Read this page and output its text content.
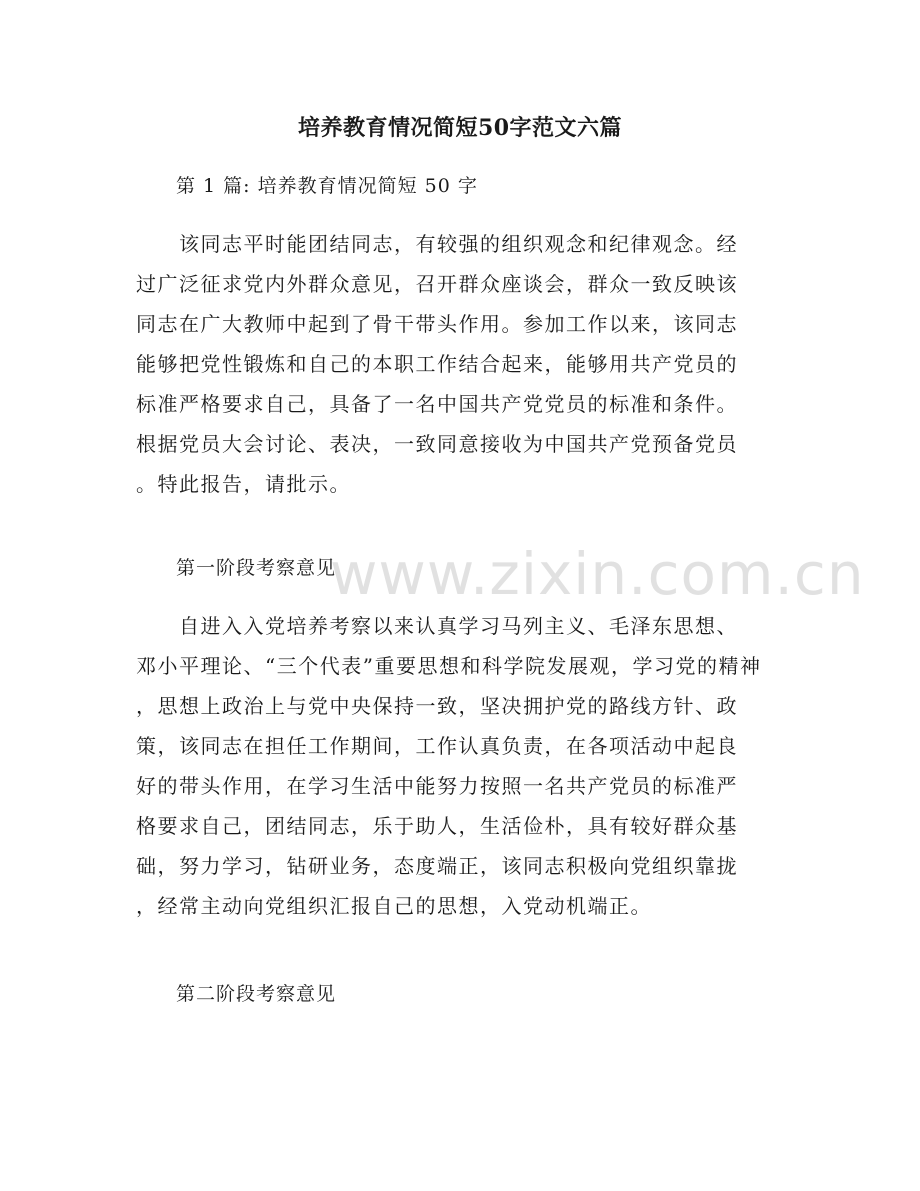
培养教育情况简短50字范文六篇
第 1 篇: 培养教育情况简短 50 字
　　该同志平时能团结同志，有较强的组织观念和纪律观念。经
过广泛征求党内外群众意见，召开群众座谈会，群众一致反映该
同志在广大教师中起到了骨干带头作用。参加工作以来，该同志
能够把党性锻炼和自己的本职工作结合起来，能够用共产党员的
标准严格要求自己，具备了一名中国共产党党员的标准和条件。
根据党员大会讨论、表决，一致同意接收为中国共产党预备党员
。特此报告，请批示。
第一阶段考察意见
　　自进入入党培养考察以来认真学习马列主义、毛泽东思想、
邓小平理论、“三个代表”重要思想和科学院发展观，学习党的精神
，思想上政治上与党中央保持一致，坚决拥护党的路线方针、政
策，该同志在担任工作期间，工作认真负责，在各项活动中起良
好的带头作用，在学习生活中能努力按照一名共产党员的标准严
格要求自己，团结同志，乐于助人，生活俭朴，具有较好群众基
础，努力学习，钻研业务，态度端正，该同志积极向党组织靠拢
，经常主动向党组织汇报自己的思想，入党动机端正。
第二阶段考察意见
www.zixin.com.cn
